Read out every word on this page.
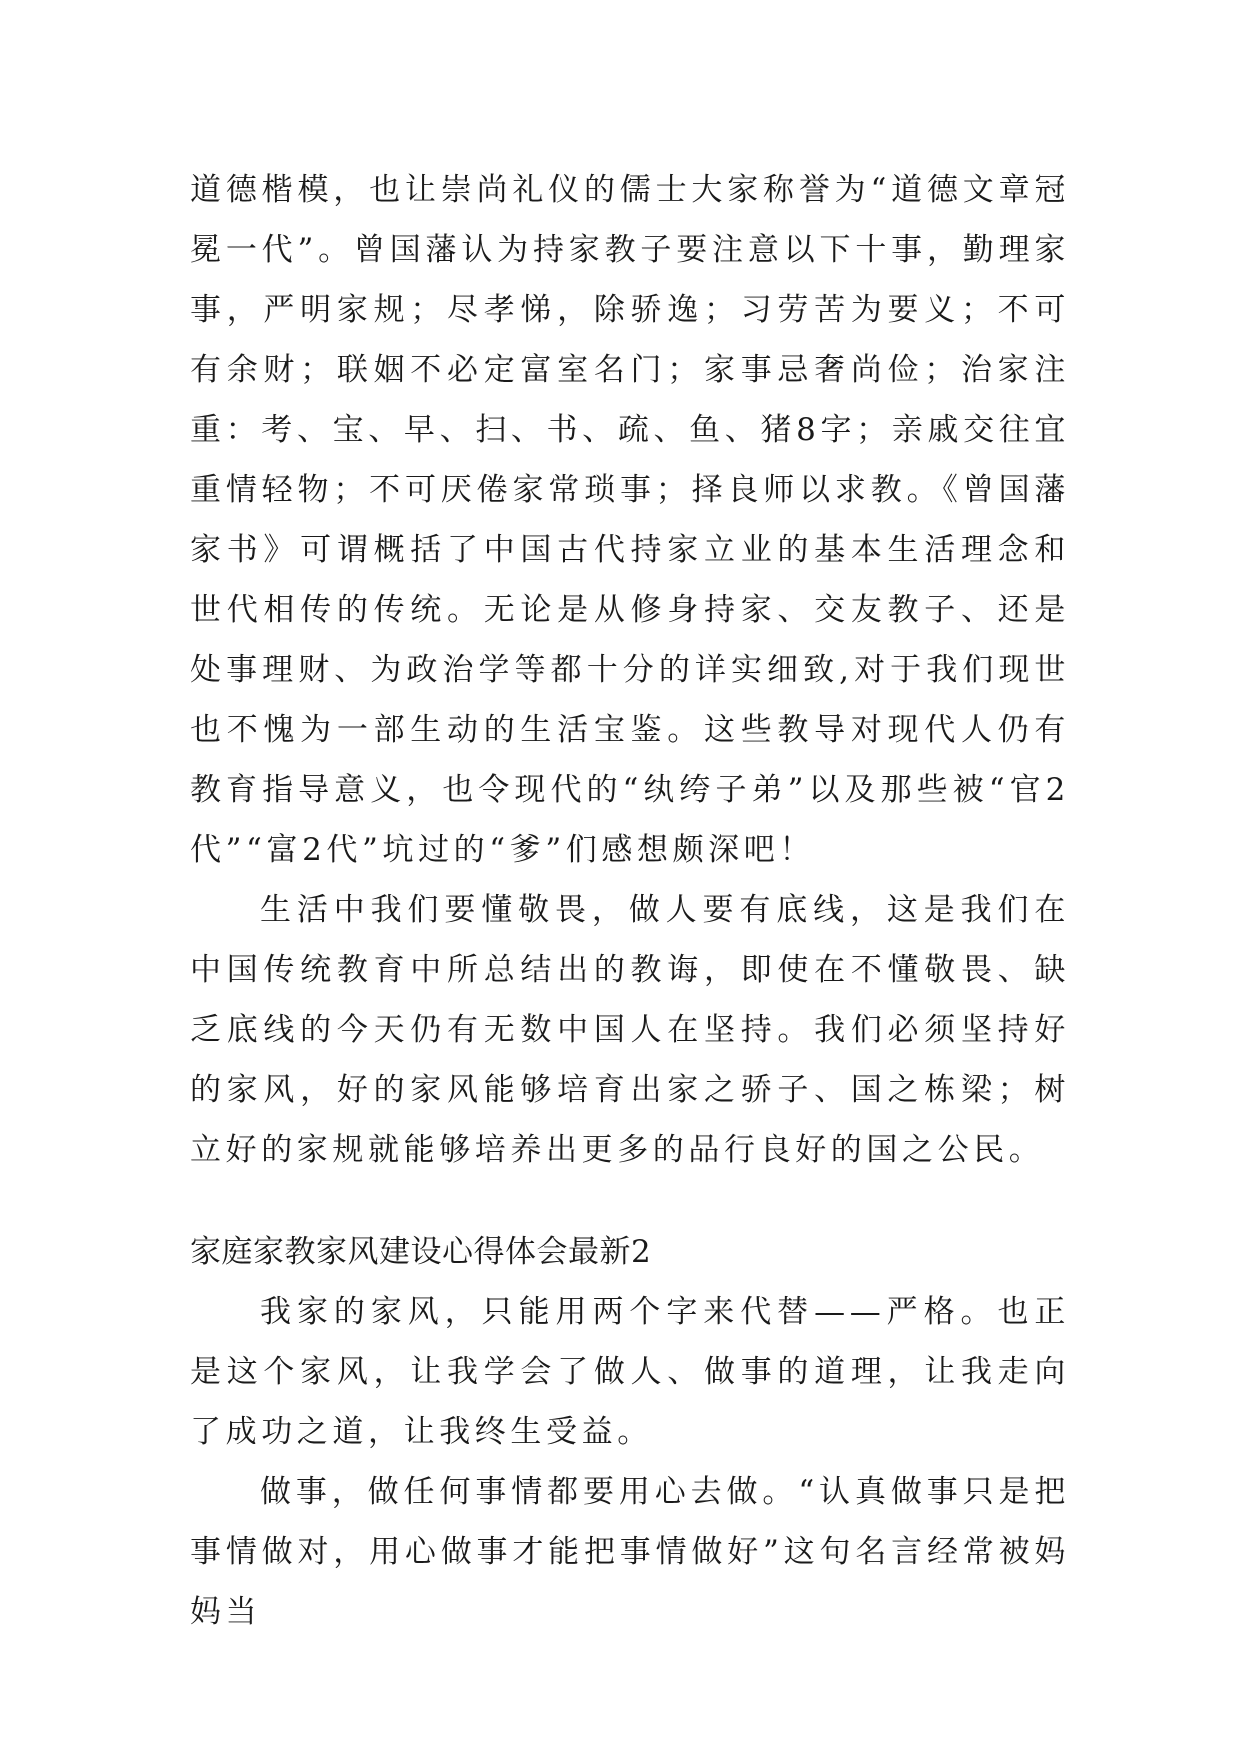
道德楷模，也让崇尚礼仪的儒士大家称誉为“道德文章冠冕一代”。曾国藩认为持家教子要注意以下十事，勤理家事，严明家规；尽孝悌，除骄逸；习劳苦为要义；不可有余财；联姻不必定富室名门；家事忌奢尚俭；治家注重：考、宝、早、扫、书、疏、鱼、猪8字；亲戚交往宜重情轻物；不可厌倦家常琐事；择良师以求教。《曾国藩家书》可谓概括了中国古代持家立业的基本生活理念和世代相传的传统。无论是从修身持家、交友教子、还是处事理财、为政治学等都十分的详实细致,对于我们现世也不愧为一部生动的生活宝鉴。这些教导对现代人仍有教育指导意义，也令现代的“纨绔子弟”以及那些被“官2代”“富2代”坑过的“爹”们感想颇深吧！

生活中我们要懂敬畏，做人要有底线，这是我们在中国传统教育中所总结出的教诲，即使在不懂敬畏、缺乏底线的今天仍有无数中国人在坚持。我们必须坚持好的家风，好的家风能够培育出家之骄子、国之栋梁；树立好的家规就能够培养出更多的品行良好的国之公民。

家庭家教家风建设心得体会最新2

我家的家风，只能用两个字来代替——严格。也正是这个家风，让我学会了做人、做事的道理，让我走向了成功之道，让我终生受益。

做事，做任何事情都要用心去做。“认真做事只是把事情做对，用心做事才能把事情做好”这句名言经常被妈妈当
